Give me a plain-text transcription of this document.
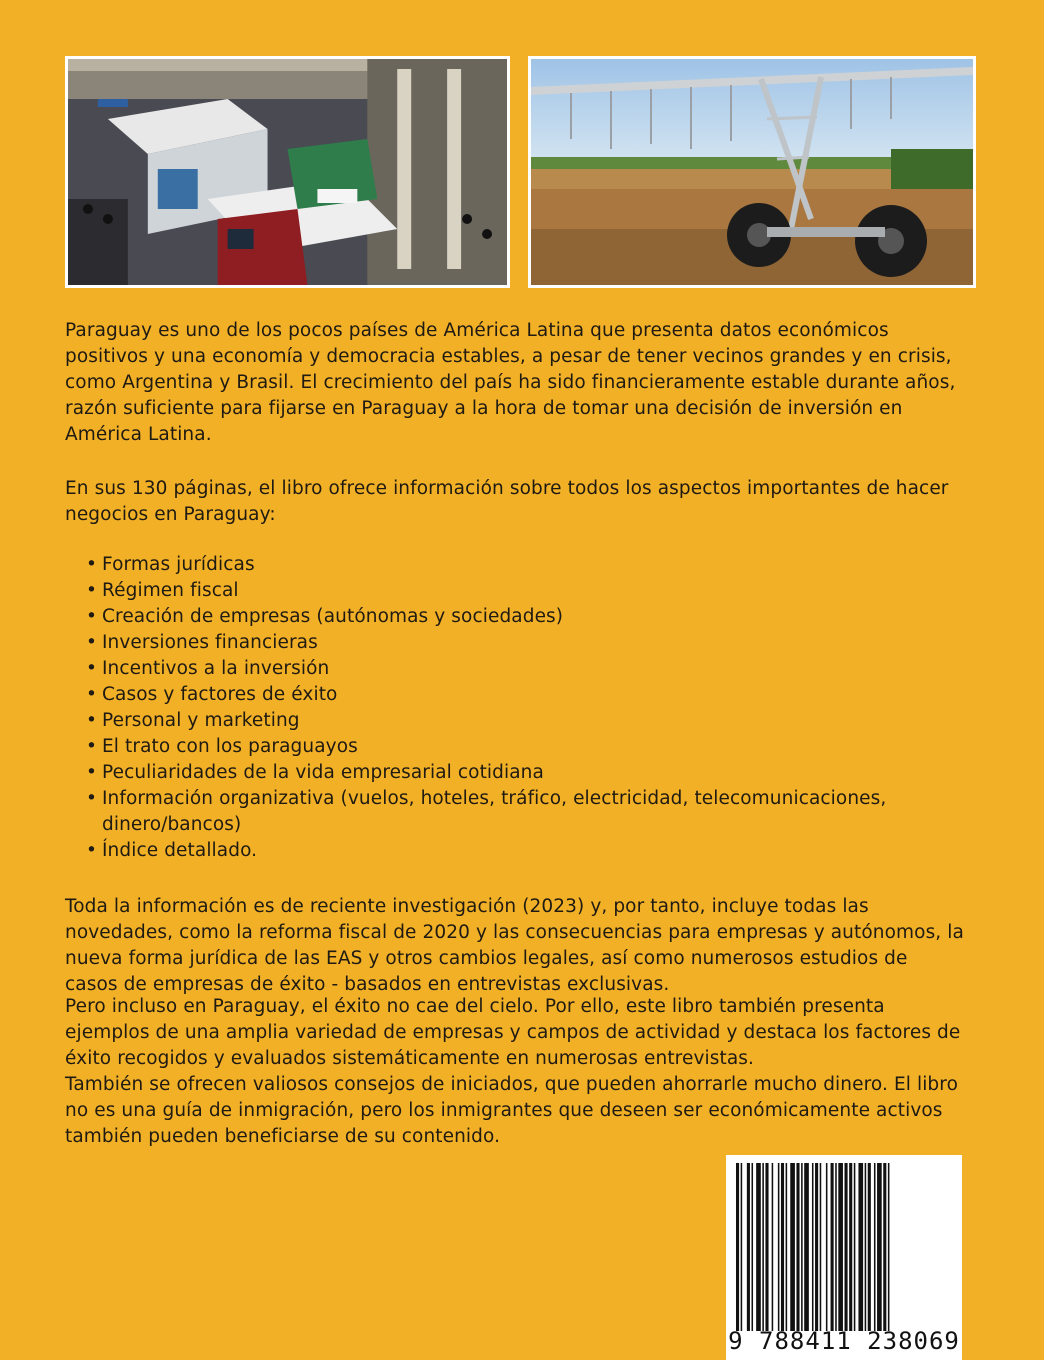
Paraguay es uno de los pocos países de América Latina que presenta datos económicos positivos y una economía y democracia estables, a pesar de tener vecinos grandes y en crisis, como Argentina y Brasil. El crecimiento del país ha sido financieramente estable durante años, razón suficiente para fijarse en Paraguay a la hora de tomar una decisión de inversión en América Latina.
En sus 130 páginas, el libro ofrece información sobre todos los aspectos importantes de hacer negocios en Paraguay:
• Formas jurídicas
• Régimen fiscal
• Creación de empresas (autónomas y sociedades)
• Inversiones financieras
• Incentivos a la inversión
• Casos y factores de éxito
• Personal y marketing
• El trato con los paraguayos
• Peculiaridades de la vida empresarial cotidiana
• Información organizativa (vuelos, hoteles, tráfico, electricidad, telecomunicaciones, dinero/bancos)
• Índice detallado.
Toda la información es de reciente investigación (2023) y, por tanto, incluye todas las novedades, como la reforma fiscal de 2020 y las consecuencias para empresas y autónomos, la nueva forma jurídica de las EAS y otros cambios legales, así como numerosos estudios de casos de empresas de éxito - basados en entrevistas exclusivas.
Pero incluso en Paraguay, el éxito no cae del cielo. Por ello, este libro también presenta ejemplos de una amplia variedad de empresas y campos de actividad y destaca los factores de éxito recogidos y evaluados sistemáticamente en numerosas entrevistas.
También se ofrecen valiosos consejos de iniciados, que pueden ahorrarle mucho dinero. El libro no es una guía de inmigración, pero los inmigrantes que deseen ser económicamente activos también pueden beneficiarse de su contenido.
9 788411 238069
